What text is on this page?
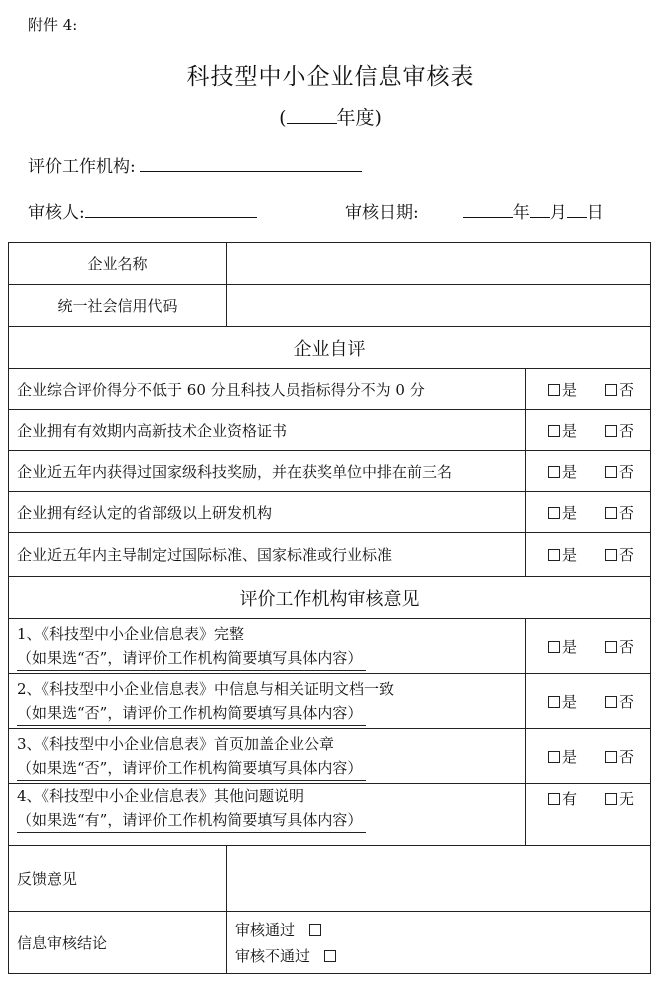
附件 4:
科技型中小企业信息审核表
(	年度)
评价工作机构:
审核人:	审核日期:	年 月 日
企业名称		
统一社会信用代码		
企业自评		
企业综合评价得分不低于 60 分且科技人员指标得分不为 0 分		是 否
企业拥有有效期内高新技术企业资格证书		是 否
企业近五年内获得过国家级科技奖励，并在获奖单位中排在前三名		是 否
企业拥有经认定的省部级以上研发机构		是 否
企业近五年内主导制定过国际标准、国家标准或行业标准		是 否
评价工作机构审核意见		

1、《科技型中小企业信息表》完整
（如果选“否”，请评价工作机构简要填写具体内容）		是 否

2、《科技型中小企业信息表》中信息与相关证明文档一致
（如果选“否”，请评价工作机构简要填写具体内容）		是 否

3、《科技型中小企业信息表》首页加盖企业公章
（如果选“否”，请评价工作机构简要填写具体内容）		是 否

4、《科技型中小企业信息表》其他问题说明
（如果选“有”，请评价工作机构简要填写具体内容）		有 无
反馈意见		
信息审核结论	审核通过
审核不通过	
